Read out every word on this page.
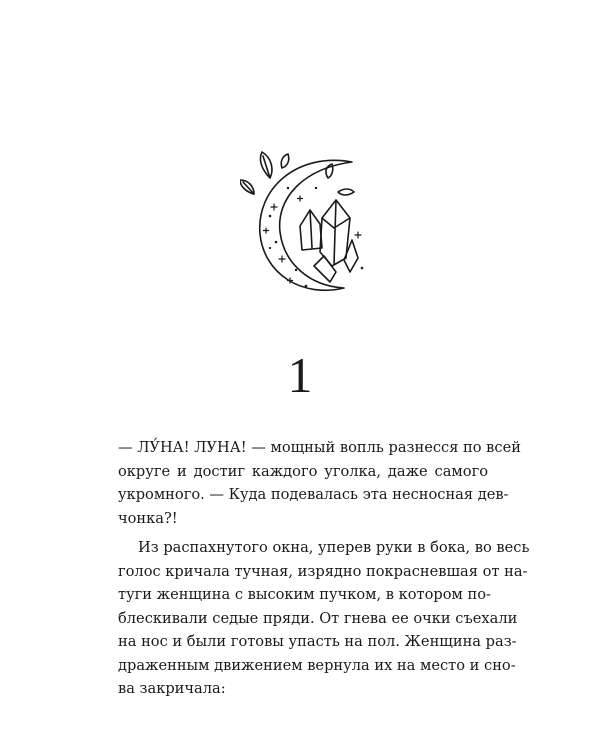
1
— ЛУ́НА! ЛУНА! — мощный вопль разнесся по всей
округе и достиг каждого уголка, даже самого
укромного. — Куда подевалась эта несносная дев-
чонка?!
Из распахнутого окна, уперев руки в бока, во весь
голос кричала тучная, изрядно покрасневшая от на-
туги женщина с высоким пучком, в котором по-
блескивали седые пряди. От гнева ее очки съехали
на нос и были готовы упасть на пол. Женщина раз-
драженным движением вернула их на место и сно-
ва закричала:
